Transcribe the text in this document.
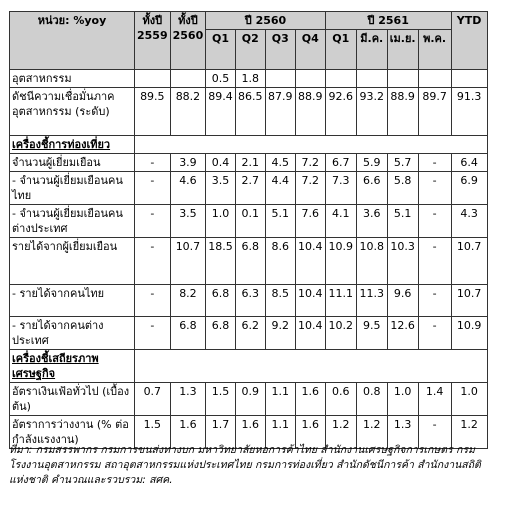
หน่วย: %yoy	ทั้งปี 2559	ทั้งปี 2560	ปี 2560				ปี 2561				YTD
			Q1	Q2	Q3	Q4	Q1	มี.ค.	เม.ย.	พ.ค.	

อุตสาหกรรม			0.5	1.8							
ดัชนีความเชื่อมั่นภาคอุตสาหกรรม (ระดับ)	89.5	88.2	89.4	86.5	87.9	88.9	92.6	93.2	88.9	89.7	91.3
เครื่องชี้การท่องเที่ยว											
จำนวนผู้เยี่ยมเยือน	-	3.9	0.4	2.1	4.5	7.2	6.7	5.9	5.7	-	6.4
- จำนวนผู้เยี่ยมเยือนคนไทย	-	4.6	3.5	2.7	4.4	7.2	7.3	6.6	5.8	-	6.9
- จำนวนผู้เยี่ยมเยือนคนต่างประเทศ	-	3.5	1.0	0.1	5.1	7.6	4.1	3.6	5.1	-	4.3
รายได้จากผู้เยี่ยมเยือน	-	10.7	18.5	6.8	8.6	10.4	10.9	10.8	10.3	-	10.7
- รายได้จากคนไทย	-	8.2	6.8	6.3	8.5	10.4	11.1	11.3	9.6	-	10.7
- รายได้จากคนต่างประเทศ	-	6.8	6.8	6.2	9.2	10.4	10.2	9.5	12.6	-	10.9
เครื่องชี้เสถียรภาพเศรษฐกิจ											
อัตราเงินเฟ้อทั่วไป (เบื้องต้น)	0.7	1.3	1.5	0.9	1.1	1.6	0.6	0.8	1.0	1.4	1.0
อัตราการว่างงาน (% ต่อกำลังแรงงาน)	1.5	1.6	1.7	1.6	1.1	1.6	1.2	1.2	1.3	-	1.2
ที่มา: กรมสรรพากร กรมการขนส่งทางบก มหาวิทยาลัยหอการค้าไทย สำนักงานเศรษฐกิจการเกษตร กรมโรงงานอุตสาหกรรม สถาอุตสาหกรรมแห่งประเทศไทย กรมการท่องเที่ยว สำนักดัชนีการค้า สำนักงานสถิติแห่งชาติ คำนวณและรวบรวม: สศค.
